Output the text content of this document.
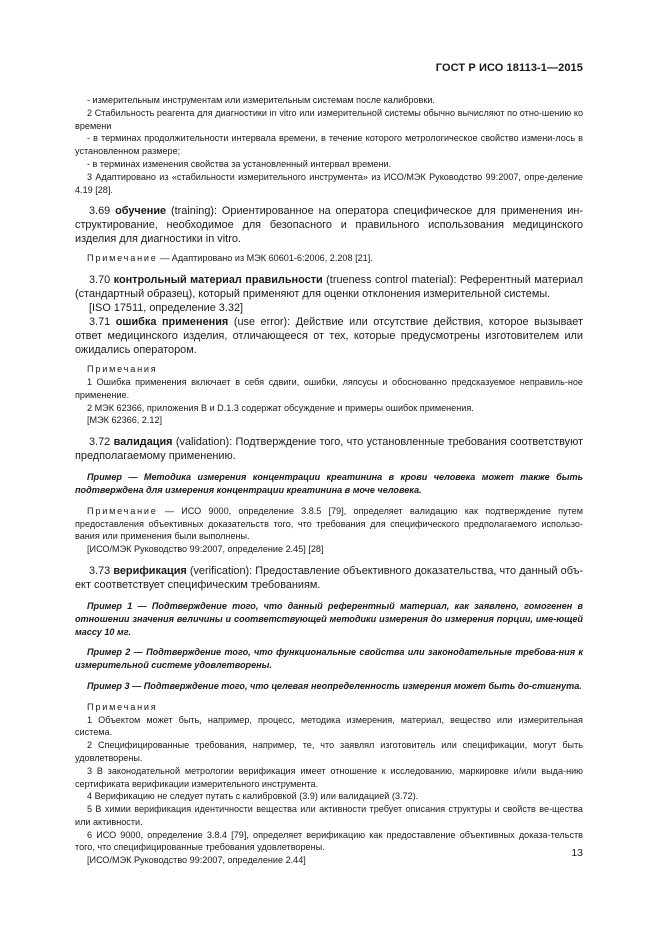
ГОСТ Р ИСО 18113-1—2015
- измерительным инструментам или измерительным системам после калибровки.
2 Стабильность реагента для диагностики in vitro или измерительной системы обычно вычисляют по отно-шению ко времени
- в терминах продолжительности интервала времени, в течение которого метрологическое свойство измени-лось в установленном размере;
- в терминах изменения свойства за установленный интервал времени.
3 Адаптировано из «стабильности измерительного инструмента» из ИСО/МЭК Руководство 99:2007, опре-деление 4.19 [28].
3.69 обучение (training): Ориентированное на оператора специфическое для применения ин-структирование, необходимое для безопасного и правильного использования медицинского изделия для диагностики in vitro.
Примечание — Адаптировано из МЭК 60601-6:2006, 2.208 [21].
3.70 контрольный материал правильности (trueness control material): Референтный материал (стандартный образец), который применяют для оценки отклонения измерительной системы.
[ISO 17511, определение 3.32]
3.71 ошибка применения (use error): Действие или отсутствие действия, которое вызывает ответ медицинского изделия, отличающееся от тех, которые предусмотрены изготовителем или ожидались оператором.
Примечания
1 Ошибка применения включает в себя сдвиги, ошибки, ляпсусы и обоснованно предсказуемое неправиль-ное применение.
2 МЭК 62366, приложения В и D.1.3 содержат обсуждение и примеры ошибок применения.
[МЭК 62366, 2.12]
3.72 валидация (validation): Подтверждение того, что установленные требования соответствуют предполагаемому применению.
Пример — Методика измерения концентрации креатинина в крови человека может также быть подтверждена для измерения концентрации креатинина в моче человека.
Примечание — ИСО 9000, определение 3.8.5 [79], определяет валидацию как подтверждение путем предоставления объективных доказательств того, что требования для специфического предполагаемого использо-вания или применения были выполнены.
[ИСО/МЭК Руководство 99:2007, определение 2.45] [28]
3.73 верификация (verification): Предоставление объективного доказательства, что данный объ-ект соответствует специфическим требованиям.
Пример 1 — Подтверждение того, что данный референтный материал, как заявлено, гомогенен в отношении значения величины и соответствующей методики измерения до измерения порции, име-ющей массу 10 мг.
Пример 2 — Подтверждение того, что функциональные свойства или законодательные требова-ния к измерительной системе удовлетворены.
Пример 3 — Подтверждение того, что целевая неопределенность измерения может быть до-стигнута.
Примечания
1 Объектом может быть, например, процесс, методика измерения, материал, вещество или измерительная система.
2 Специфицированные требования, например, те, что заявлял изготовитель или спецификации, могут быть удовлетворены.
3 В законодательной метрологии верификация имеет отношение к исследованию, маркировке и/или выда-нию сертификата верификации измерительного инструмента.
4 Верификацию не следует путать с калибровкой (3.9) или валидацией (3.72).
5 В химии верификация идентичности вещества или активности требует описания структуры и свойств ве-щества или активности.
6 ИСО 9000, определение 3.8.4 [79], определяет верификацию как предоставление объективных доказа-тельств того, что специфицированные требования удовлетворены.
[ИСО/МЭК Руководство 99:2007, определение 2.44]
13
